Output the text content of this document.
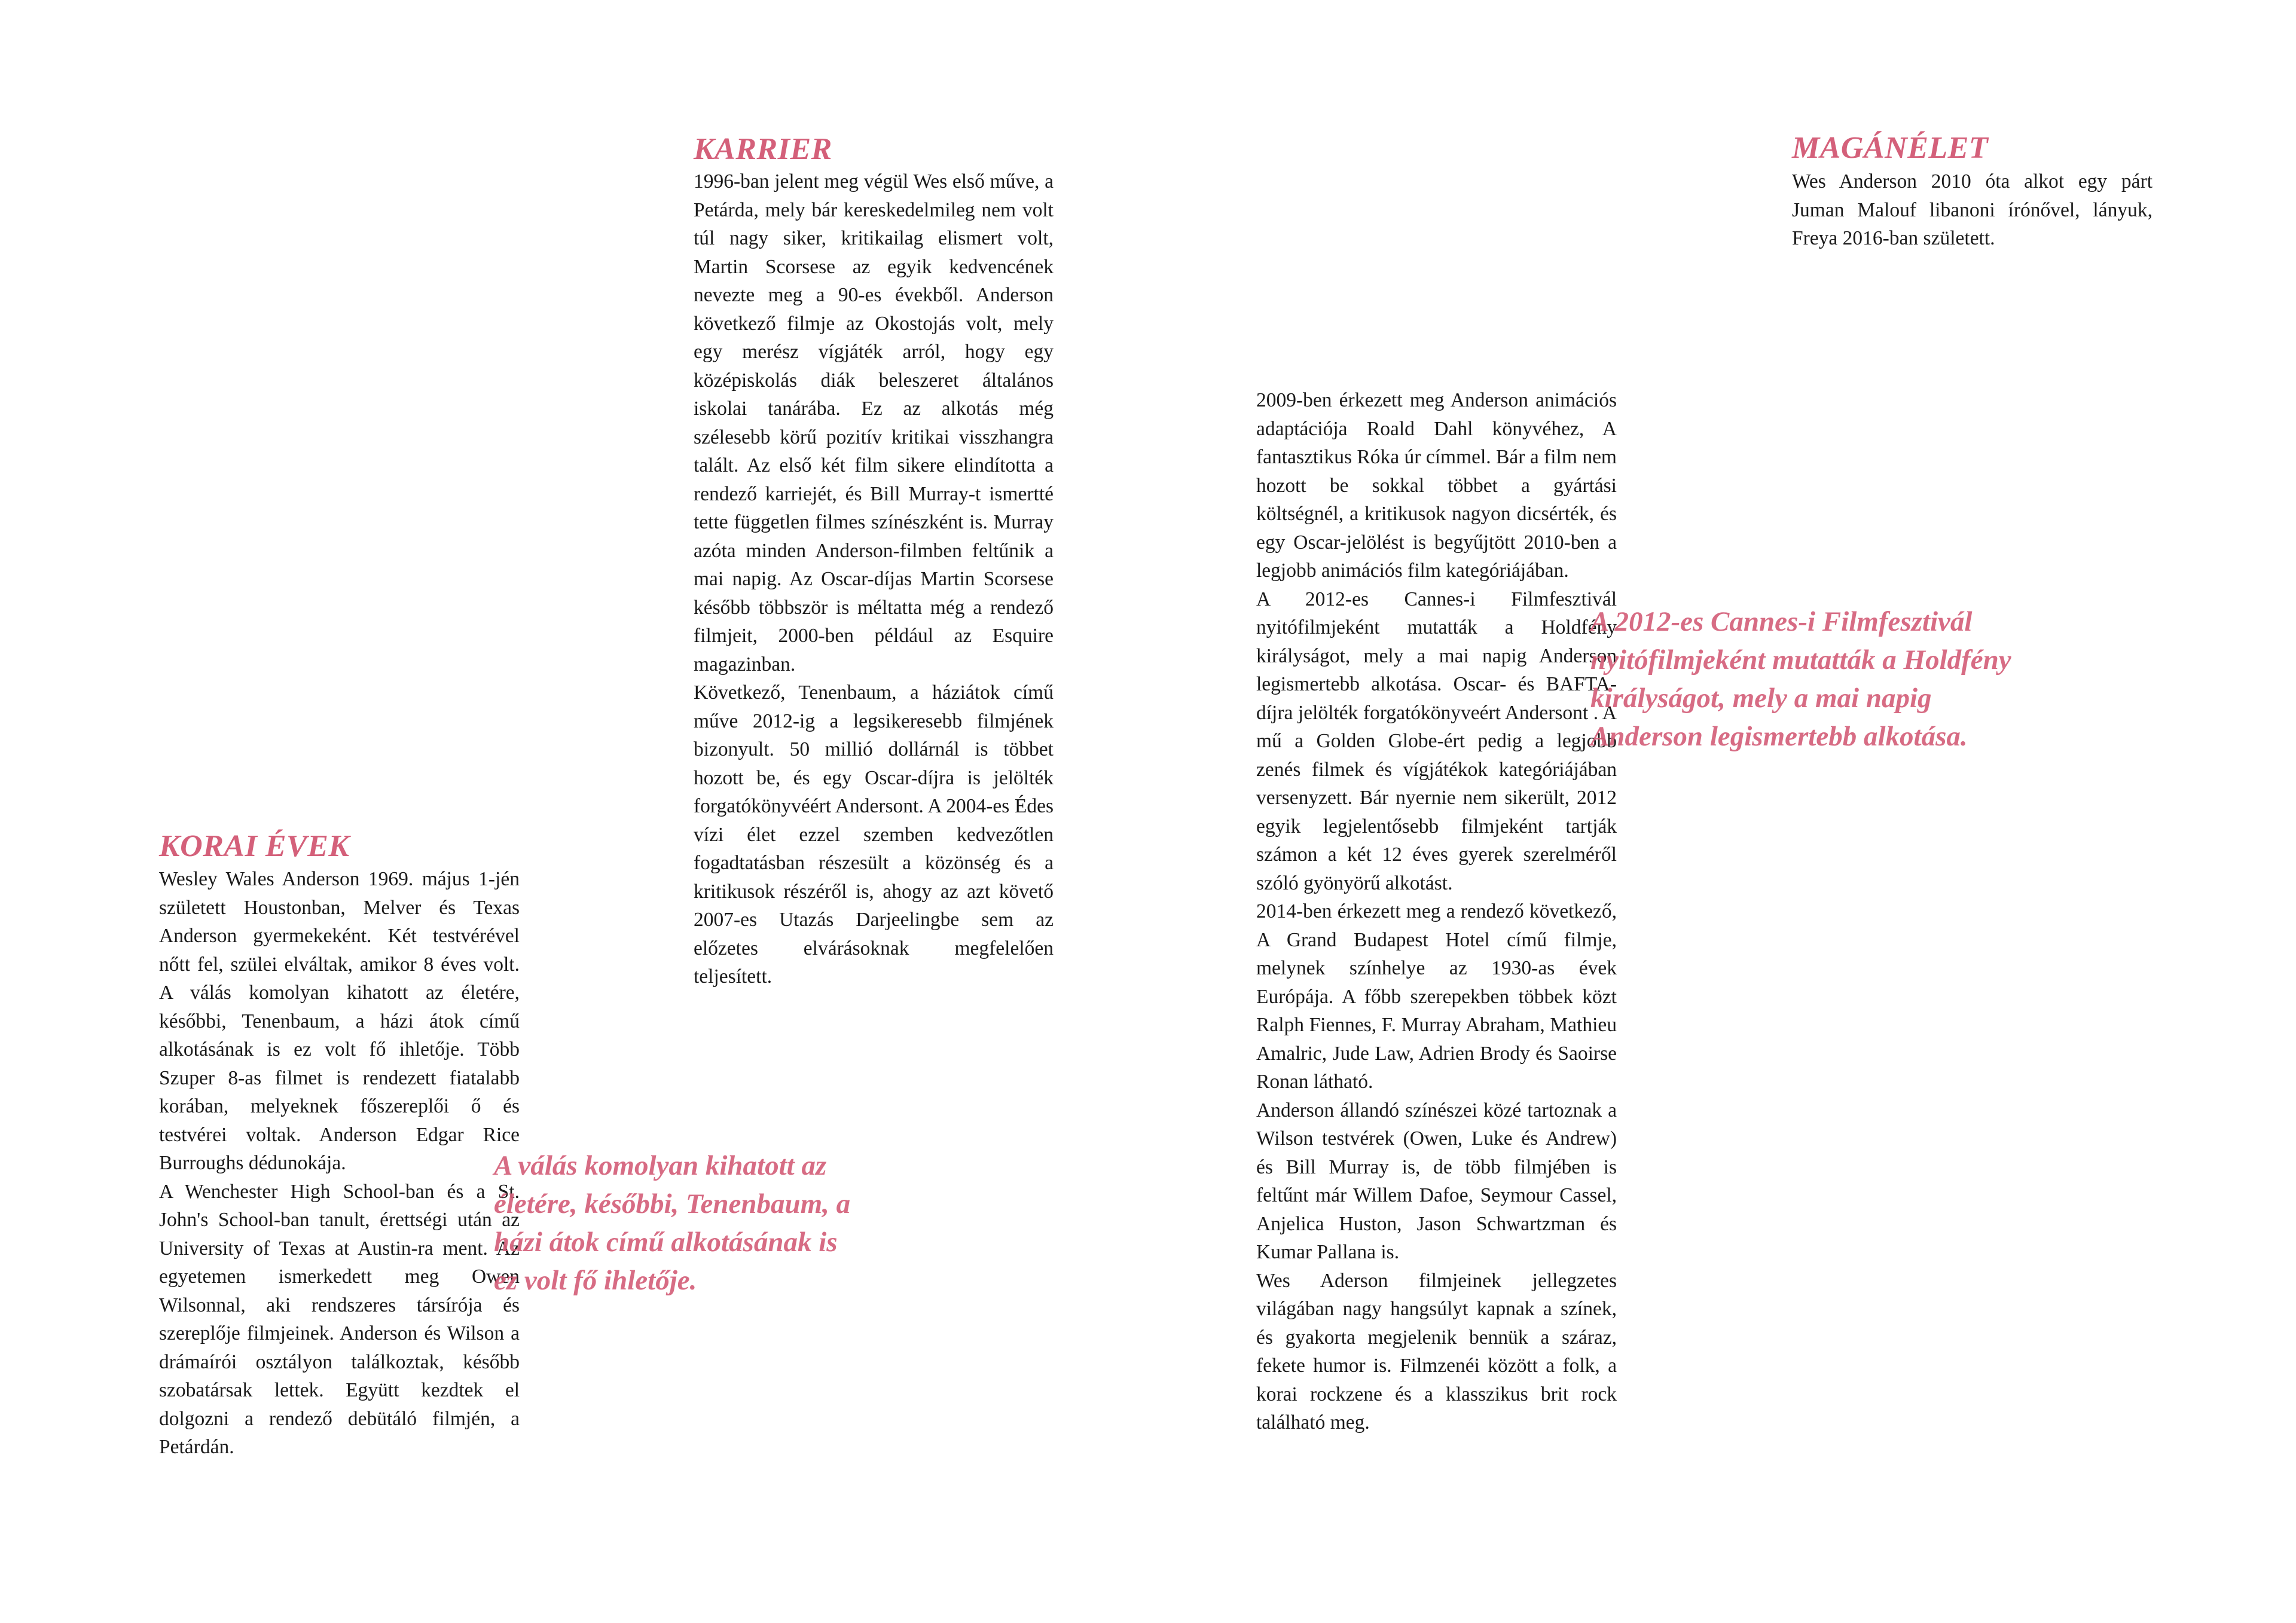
KORAI ÉVEK

Wesley Wales Anderson 1969. május 1-jén született Houstonban, Melver és Texas Anderson gyermekeként. Két testvérével nőtt fel, szülei elváltak, amikor 8 éves volt. A válás komolyan kihatott az életére, későbbi, Tenenbaum, a házi átok című alkotásának is ez volt fő ihletője. Több Szuper 8-as filmet is rendezett fiatalabb korában, melyeknek főszereplői ő és testvérei voltak. Anderson Edgar Rice Burroughs dédunokája.

A Wenchester High School-ban és a St. John's School-ban tanult, érettségi után az University of Texas at Austin-ra ment. Az egyetemen ismerkedett meg Owen Wilsonnal, aki rendszeres társírója és szereplője filmjeinek. Anderson és Wilson a drámaírói osztályon találkoztak, később szobatársak lettek. Együtt kezdtek el dolgozni a rendező debütáló filmjén, a Petárdán.

A válás komolyan kihatott az életére, későbbi, Tenenbaum, a házi átok című alkotásának is ez volt fő ihletője.

KARRIER

1996-ban jelent meg végül Wes első műve, a Petárda, mely bár kereskedelmileg nem volt túl nagy siker, kritikailag elismert volt, Martin Scorsese az egyik kedvencének nevezte meg a 90-es évekből. Anderson következő filmje az Okostojás volt, mely egy merész vígjáték arról, hogy egy középiskolás diák beleszeret általános iskolai tanárába. Ez az alkotás még szélesebb körű pozitív kritikai visszhangra talált. Az első két film sikere elindította a rendező karriejét, és Bill Murray-t ismertté tette független filmes színészként is. Murray azóta minden Anderson-filmben feltűnik a mai napig. Az Oscar-díjas Martin Scorsese később többször is méltatta még a rendező filmjeit, 2000-ben például az Esquire magazinban.

Következő, Tenenbaum, a háziátok című műve 2012-ig a legsikeresebb filmjének bizonyult. 50 millió dollárnál is többet hozott be, és egy Oscar-díjra is jelölték forgatókönyvéért Andersont. A 2004-es Édes vízi élet ezzel szemben kedvezőtlen fogadtatásban részesült a közönség és a kritikusok részéről is, ahogy az azt követő 2007-es Utazás Darjeelingbe sem az előzetes elvárásoknak megfelelően teljesített.

2009-ben érkezett meg Anderson animációs adaptációja Roald Dahl könyvéhez, A fantasztikus Róka úr címmel. Bár a film nem hozott be sokkal többet a gyártási költségnél, a kritikusok nagyon dicsérték, és egy Oscar-jelölést is begyűjtött 2010-ben a legjobb animációs film kategóriájában.

A 2012-es Cannes-i Filmfesztivál nyitófilmjeként mutatták a Holdfény királyságot, mely a mai napig Anderson legismertebb alkotása. Oscar- és BAFTA-díjra jelölték forgatókönyveért Andersont . A mű a Golden Globe-ért pedig a legjobb zenés filmek és vígjátékok kategóriájában versenyzett. Bár nyernie nem sikerült, 2012 egyik legjelentősebb filmjeként tartják számon a két 12 éves gyerek szerelméről szóló gyönyörű alkotást.

2014-ben érkezett meg a rendező következő, A Grand Budapest Hotel című filmje, melynek színhelye az 1930-as évek Európája. A főbb szerepekben többek közt Ralph Fiennes, F. Murray Abraham, Mathieu Amalric, Jude Law, Adrien Brody és Saoirse Ronan látható.

Anderson állandó színészei közé tartoznak a Wilson testvérek (Owen, Luke és Andrew) és Bill Murray is, de több filmjében is feltűnt már Willem Dafoe, Seymour Cassel, Anjelica Huston, Jason Schwartzman és Kumar Pallana is.

Wes Aderson filmjeinek jellegzetes világában nagy hangsúlyt kapnak a színek, és gyakorta megjelenik bennük a száraz, fekete humor is. Filmzenéi között a folk, a korai rockzene és a klasszikus brit rock található meg.

A 2012-es Cannes-i Filmfesztivál nyitófilmjeként mutatták a Holdfény királyságot, mely a mai napig Anderson legismertebb alkotása.

MAGÁNÉLET

Wes Anderson 2010 óta alkot egy párt Juman Malouf libanoni írónővel, lányuk, Freya 2016-ban született.
